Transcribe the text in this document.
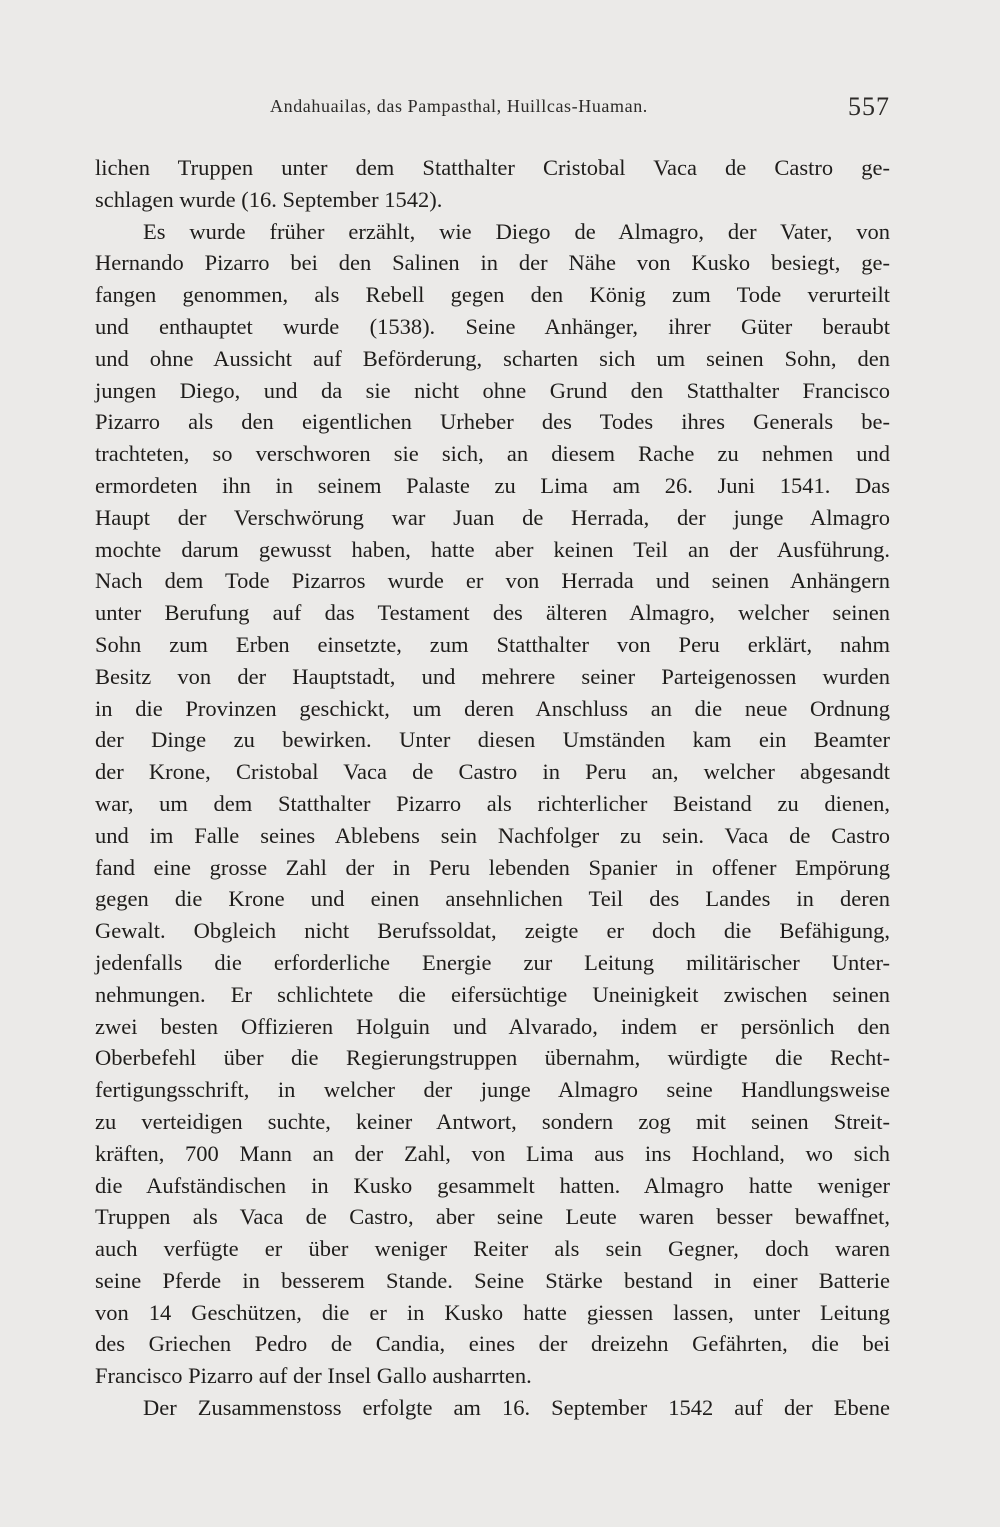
Andahuailas, das Pampasthal, Huillcas-Huaman.	557
lichen Truppen unter dem Statthalter Cristobal Vaca de Castro ge-
schlagen wurde (16. September 1542).
Es wurde früher erzählt, wie Diego de Almagro, der Vater, von
Hernando Pizarro bei den Salinen in der Nähe von Kusko besiegt, ge-
fangen genommen, als Rebell gegen den König zum Tode verurteilt
und enthauptet wurde (1538). Seine Anhänger, ihrer Güter beraubt
und ohne Aussicht auf Beförderung, scharten sich um seinen Sohn, den
jungen Diego, und da sie nicht ohne Grund den Statthalter Francisco
Pizarro als den eigentlichen Urheber des Todes ihres Generals be-
trachteten, so verschworen sie sich, an diesem Rache zu nehmen und
ermordeten ihn in seinem Palaste zu Lima am 26. Juni 1541. Das
Haupt der Verschwörung war Juan de Herrada, der junge Almagro
mochte darum gewusst haben, hatte aber keinen Teil an der Ausführung.
Nach dem Tode Pizarros wurde er von Herrada und seinen Anhängern
unter Berufung auf das Testament des älteren Almagro, welcher seinen
Sohn zum Erben einsetzte, zum Statthalter von Peru erklärt, nahm
Besitz von der Hauptstadt, und mehrere seiner Parteigenossen wurden
in die Provinzen geschickt, um deren Anschluss an die neue Ordnung
der Dinge zu bewirken. Unter diesen Umständen kam ein Beamter
der Krone, Cristobal Vaca de Castro in Peru an, welcher abgesandt
war, um dem Statthalter Pizarro als richterlicher Beistand zu dienen,
und im Falle seines Ablebens sein Nachfolger zu sein. Vaca de Castro
fand eine grosse Zahl der in Peru lebenden Spanier in offener Empörung
gegen die Krone und einen ansehnlichen Teil des Landes in deren
Gewalt. Obgleich nicht Berufssoldat, zeigte er doch die Befähigung,
jedenfalls die erforderliche Energie zur Leitung militärischer Unter-
nehmungen. Er schlichtete die eifersüchtige Uneinigkeit zwischen seinen
zwei besten Offizieren Holguin und Alvarado, indem er persönlich den
Oberbefehl über die Regierungstruppen übernahm, würdigte die Recht-
fertigungsschrift, in welcher der junge Almagro seine Handlungsweise
zu verteidigen suchte, keiner Antwort, sondern zog mit seinen Streit-
kräften, 700 Mann an der Zahl, von Lima aus ins Hochland, wo sich
die Aufständischen in Kusko gesammelt hatten. Almagro hatte weniger
Truppen als Vaca de Castro, aber seine Leute waren besser bewaffnet,
auch verfügte er über weniger Reiter als sein Gegner, doch waren
seine Pferde in besserem Stande. Seine Stärke bestand in einer Batterie
von 14 Geschützen, die er in Kusko hatte giessen lassen, unter Leitung
des Griechen Pedro de Candia, eines der dreizehn Gefährten, die bei
Francisco Pizarro auf der Insel Gallo ausharrten.
Der Zusammenstoss erfolgte am 16. September 1542 auf der Ebene
